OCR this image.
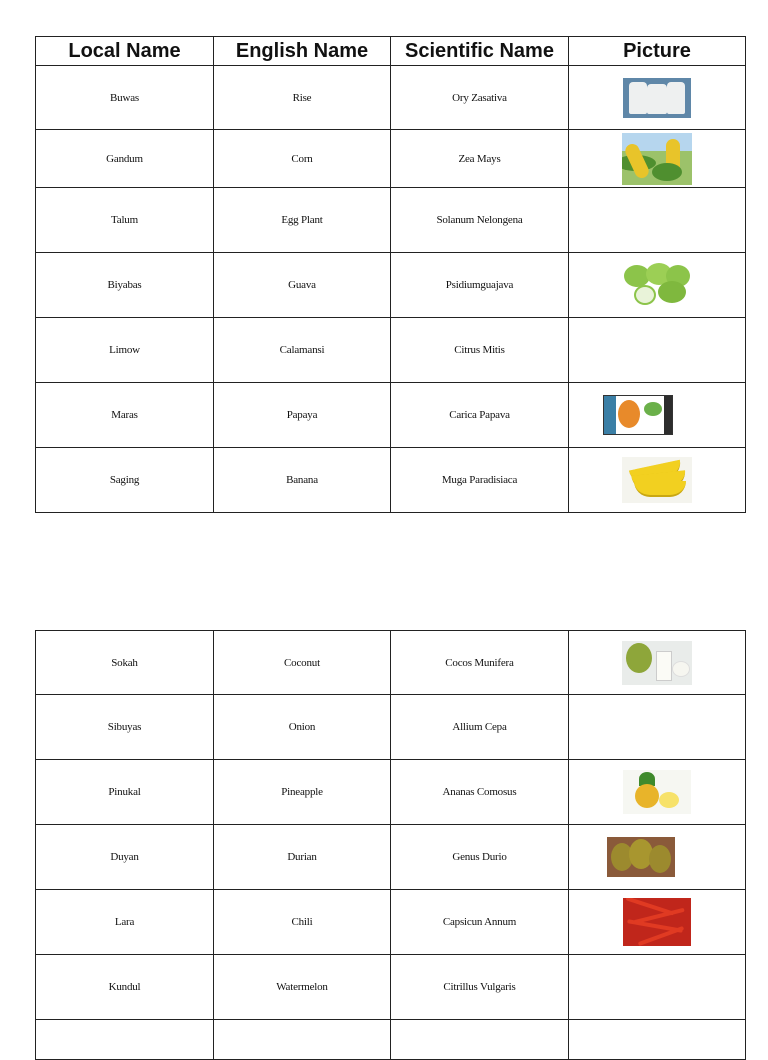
Local Name	English Name	Scientific Name	Picture
Buwas	Rise	Ory Zasativa	

Gandum	Corn	Zea Mays	

Talum	Egg Plant	Solanum Nelongena	
Biyabas	Guava	Psidiumguajava	

Limow	Calamansi	Citrus Mitis	
Maras	Papaya	Carica Papava	

Saging	Banana	Muga Paradisiaca	
Sokah	Coconut	Cocos Munifera	

Sibuyas	Onion	Allium Cepa	
Pinukal	Pineapple	Ananas Comosus	

Duyan	Durian	Genus Durio	

Lara	Chili	Capsicun Annum	

Kundul	Watermelon	Citrillus Vulgaris	
